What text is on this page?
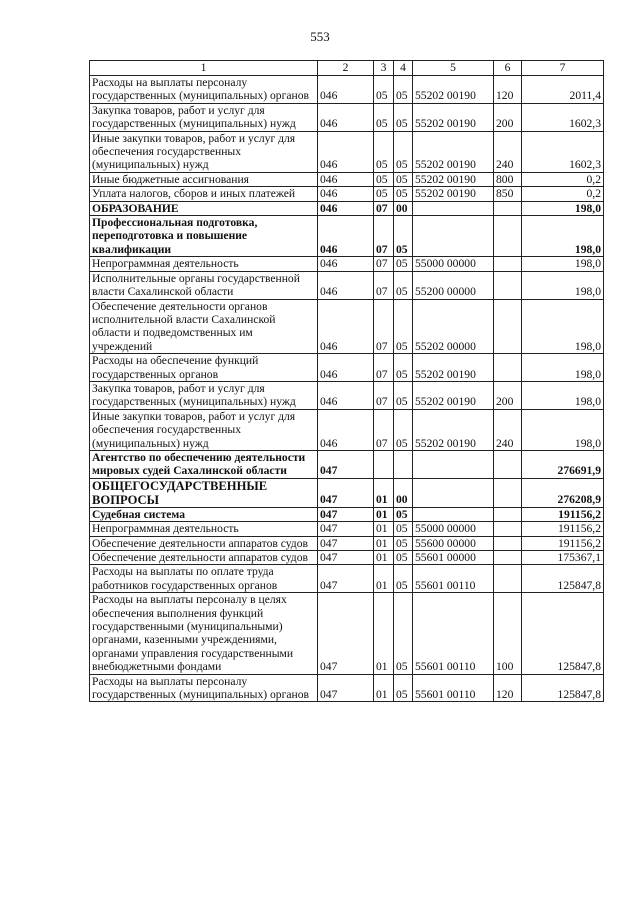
553
1	2	3	4	5	6	7
Расходы на выплаты персоналу государственных (муниципальных) органов	046	05	05	55202 00190	120	2011,4
Закупка товаров, работ и услуг для государственных (муниципальных) нужд	046	05	05	55202 00190	200	1602,3
Иные закупки товаров, работ и услуг для обеспечения государственных (муниципальных) нужд	046	05	05	55202 00190	240	1602,3
Иные бюджетные ассигнования	046	05	05	55202 00190	800	0,2
Уплата налогов, сборов и иных платежей	046	05	05	55202 00190	850	0,2
ОБРАЗОВАНИЕ	046	07	00			198,0
Профессиональная подготовка, переподготовка и повышение квалификации	046	07	05			198,0
Непрограммная деятельность	046	07	05	55000 00000		198,0
Исполнительные органы государственной власти Сахалинской области	046	07	05	55200 00000		198,0
Обеспечение деятельности органов исполнительной власти Сахалинской области и подведомственных им учреждений	046	07	05	55202 00000		198,0
Расходы на обеспечение функций государственных органов	046	07	05	55202 00190		198,0
Закупка товаров, работ и услуг для государственных (муниципальных) нужд	046	07	05	55202 00190	200	198,0
Иные закупки товаров, работ и услуг для обеспечения государственных (муниципальных) нужд	046	07	05	55202 00190	240	198,0
Агентство по обеспечению деятельности мировых судей Сахалинской области	047					276691,9
ОБЩЕГОСУДАРСТВЕННЫЕ ВОПРОСЫ	047	01	00			276208,9
Судебная система	047	01	05			191156,2
Непрограммная деятельность	047	01	05	55000 00000		191156,2
Обеспечение деятельности аппаратов судов	047	01	05	55600 00000		191156,2
Обеспечение деятельности аппаратов судов	047	01	05	55601 00000		175367,1
Расходы на выплаты по оплате труда работников государственных органов	047	01	05	55601 00110		125847,8
Расходы на выплаты персоналу в целях обеспечения выполнения функций государственными (муниципальными) органами, казенными учреждениями, органами управления государственными внебюджетными фондами	047	01	05	55601 00110	100	125847,8
Расходы на выплаты персоналу государственных (муниципальных) органов	047	01	05	55601 00110	120	125847,8
